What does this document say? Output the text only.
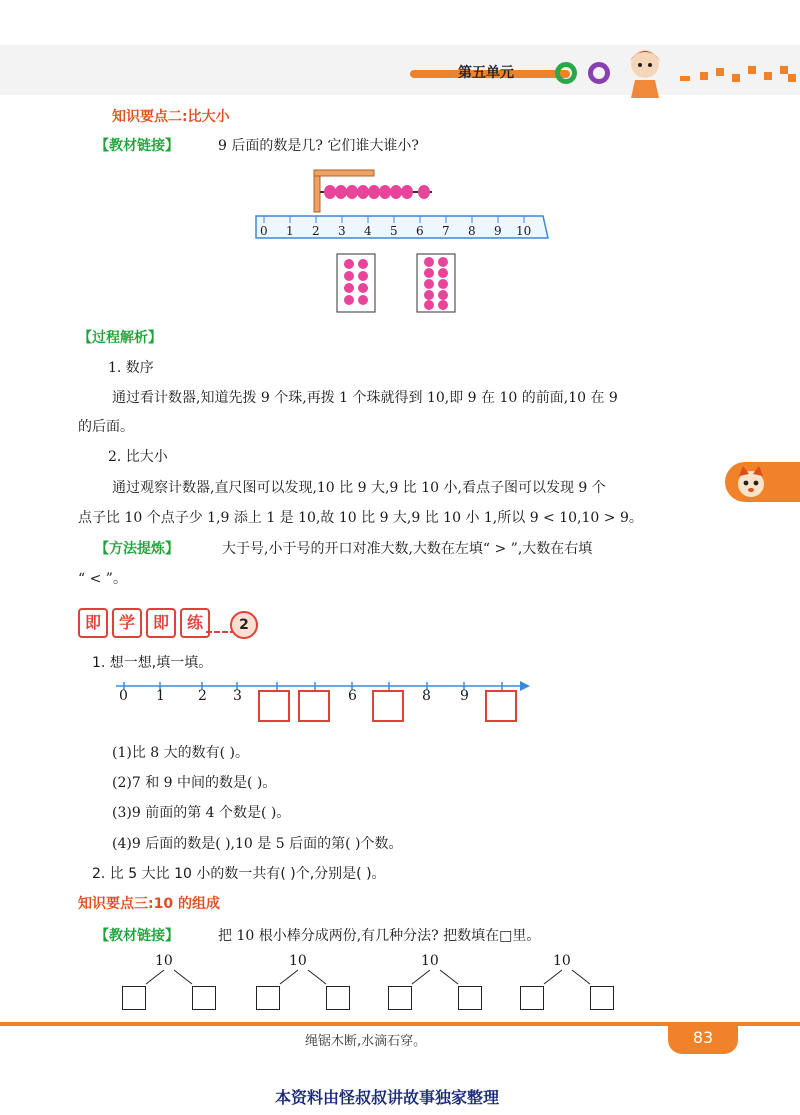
第五单元
知识要点二:比大小
【教材链接】	9 后面的数是几? 它们谁大谁小?
0 1 2 3 4 5 6 7 8 9 10
【过程解析】
1. 数序
通过看计数器,知道先拨 9 个珠,再拨 1 个珠就得到 10,即 9 在 10 的前面,10 在 9
的后面。
2. 比大小
通过观察计数器,直尺图可以发现,10 比 9 大,9 比 10 小,看点子图可以发现 9 个
点子比 10 个点子少 1,9 添上 1 是 10,故 10 比 9 大,9 比 10 小 1,所以 9 < 10,10 > 9。
【方法提炼】	大于号,小于号的开口对准大数,大数在左填“ > ”,大数在右填
“ < ”。
即	学	即	练	2
1. 想一想,填一填。
0 1 2 3	6	8 9
(1)比 8 大的数有( )。
(2)7 和 9 中间的数是( )。
(3)9 前面的第 4 个数是( )。
(4)9 后面的数是( ),10 是 5 后面的第( )个数。
2. 比 5 大比 10 小的数一共有( )个,分别是( )。
知识要点三:10 的组成
【教材链接】	把 10 根小棒分成两份,有几种分法? 把数填在□里。
10	10	10	10
绳锯木断,水滴石穿。	83
本资料由怪叔叔讲故事独家整理
